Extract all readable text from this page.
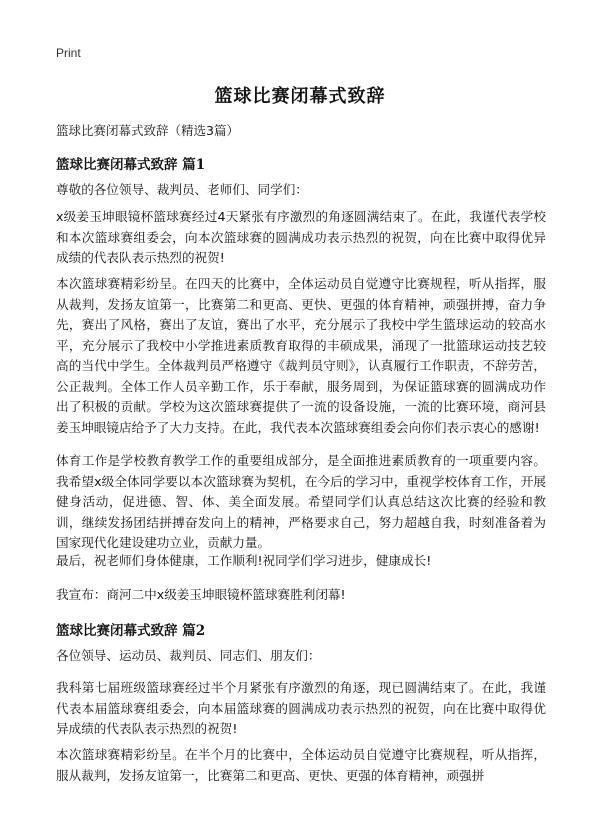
Print
篮球比赛闭幕式致辞
篮球比赛闭幕式致辞（精选3篇）
篮球比赛闭幕式致辞 篇1
尊敬的各位领导、裁判员、老师们、同学们：
x级姜玉坤眼镜杯篮球赛经过4天紧张有序激烈的角逐圆满结束了。在此，我谨代表学校和本次篮球赛组委会，向本次篮球赛的圆满成功表示热烈的祝贺，向在比赛中取得优异成绩的代表队表示热烈的祝贺!
本次篮球赛精彩纷呈。在四天的比赛中，全体运动员自觉遵守比赛规程，听从指挥，服从裁判，发扬友谊第一，比赛第二和更高、更快、更强的体育精神，顽强拼搏，奋力争先，赛出了风格，赛出了友谊，赛出了水平，充分展示了我校中学生篮球运动的较高水平，充分展示了我校中小学推进素质教育取得的丰硕成果，涌现了一批篮球运动技艺较高的当代中学生。全体裁判员严格遵守《裁判员守则》，认真履行工作职责，不辞劳苦，公正裁判。全体工作人员辛勤工作，乐于奉献，服务周到，为保证篮球赛的圆满成功作出了积极的贡献。学校为这次篮球赛提供了一流的设备设施，一流的比赛环境，商河县姜玉坤眼镜店给予了大力支持。在此，我代表本次篮球赛组委会向你们表示衷心的感谢!
体育工作是学校教育教学工作的重要组成部分，是全面推进素质教育的一项重要内容。我希望x级全体同学要以本次篮球赛为契机，在今后的学习中，重视学校体育工作，开展健身活动，促进德、智、体、美全面发展。希望同学们认真总结这次比赛的经验和教训，继续发扬团结拼搏奋发向上的精神，严格要求自己，努力超越自我，时刻准备着为国家现代化建设建功立业，贡献力量。
最后，祝老师们身体健康，工作顺利!祝同学们学习进步，健康成长!
我宣布：商河二中x级姜玉坤眼镜杯篮球赛胜利闭幕!
篮球比赛闭幕式致辞 篇2
各位领导、运动员、裁判员、同志们、朋友们：
我科第七届班级篮球赛经过半个月紧张有序激烈的角逐，现已圆满结束了。在此，我谨代表本届篮球赛组委会，向本届篮球赛的圆满成功表示热烈的祝贺，向在比赛中取得优异成绩的代表队表示热烈的祝贺!
本次篮球赛精彩纷呈。在半个月的比赛中，全体运动员自觉遵守比赛规程，听从指挥，服从裁判，发扬友谊第一，比赛第二和更高、更快、更强的体育精神，顽强拼
